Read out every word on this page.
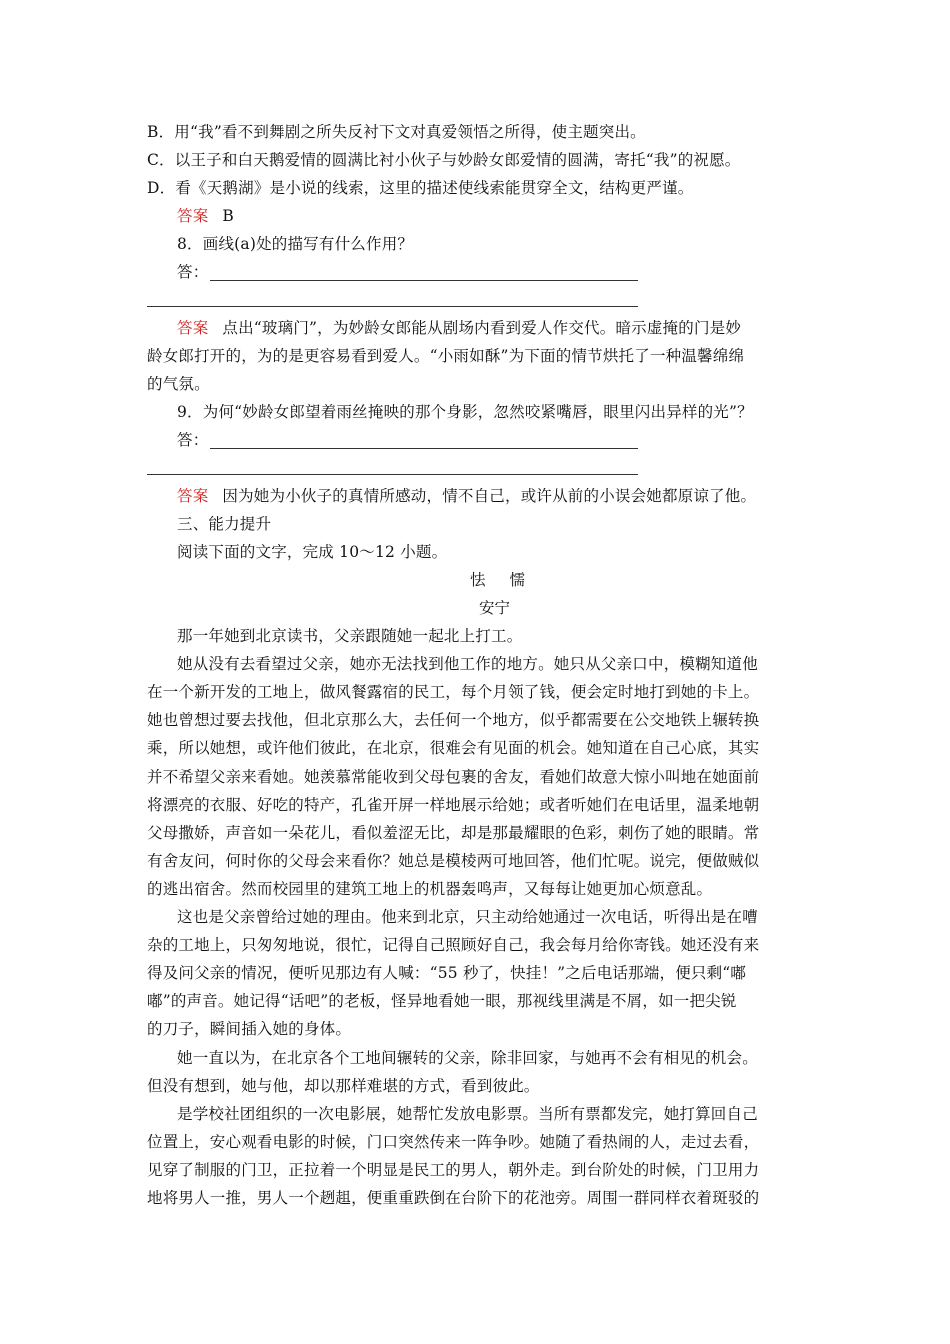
B．用“我”看不到舞剧之所失反衬下文对真爱领悟之所得，使主题突出。
C．以王子和白天鹅爱情的圆满比衬小伙子与妙龄女郎爱情的圆满，寄托“我”的祝愿。
D．看《天鹅湖》是小说的线索，这里的描述使线索能贯穿全文，结构更严谨。
答案 B
8．画线(a)处的描写有什么作用？
答：
答案 点出“玻璃门”，为妙龄女郎能从剧场内看到爱人作交代。暗示虚掩的门是妙
龄女郎打开的，为的是更容易看到爱人。“小雨如酥”为下面的情节烘托了一种温馨绵绵
的气氛。
9．为何“妙龄女郎望着雨丝掩映的那个身影，忽然咬紧嘴唇，眼里闪出异样的光”？
答：
答案 因为她为小伙子的真情所感动，情不自己，或许从前的小误会她都原谅了他。
三、能力提升
阅读下面的文字，完成 10～12 小题。
怯 懦
安宁
那一年她到北京读书，父亲跟随她一起北上打工。
她从没有去看望过父亲，她亦无法找到他工作的地方。她只从父亲口中，模糊知道他
在一个新开发的工地上，做风餐露宿的民工，每个月领了钱，便会定时地打到她的卡上。
她也曾想过要去找他，但北京那么大，去任何一个地方，似乎都需要在公交地铁上辗转换
乘，所以她想，或许他们彼此，在北京，很难会有见面的机会。她知道在自己心底，其实
并不希望父亲来看她。她羡慕常能收到父母包裹的舍友，看她们故意大惊小叫地在她面前
将漂亮的衣服、好吃的特产，孔雀开屏一样地展示给她；或者听她们在电话里，温柔地朝
父母撒娇，声音如一朵花儿，看似羞涩无比，却是那最耀眼的色彩，刺伤了她的眼睛。常
有舍友问，何时你的父母会来看你？她总是模棱两可地回答，他们忙呢。说完，便做贼似
的逃出宿舍。然而校园里的建筑工地上的机器轰鸣声，又每每让她更加心烦意乱。
这也是父亲曾给过她的理由。他来到北京，只主动给她通过一次电话，听得出是在嘈
杂的工地上，只匆匆地说，很忙，记得自己照顾好自己，我会每月给你寄钱。她还没有来
得及问父亲的情况，便听见那边有人喊：“55 秒了，快挂！”之后电话那端，便只剩“嘟
嘟”的声音。她记得“话吧”的老板，怪异地看她一眼，那视线里满是不屑，如一把尖锐
的刀子，瞬间插入她的身体。
她一直以为，在北京各个工地间辗转的父亲，除非回家，与她再不会有相见的机会。
但没有想到，她与他，却以那样难堪的方式，看到彼此。
是学校社团组织的一次电影展，她帮忙发放电影票。当所有票都发完，她打算回自己
位置上，安心观看电影的时候，门口突然传来一阵争吵。她随了看热闹的人，走过去看，
见穿了制服的门卫，正拉着一个明显是民工的男人，朝外走。到台阶处的时候，门卫用力
地将男人一推，男人一个趔趄，便重重跌倒在台阶下的花池旁。周围一群同样衣着斑驳的
